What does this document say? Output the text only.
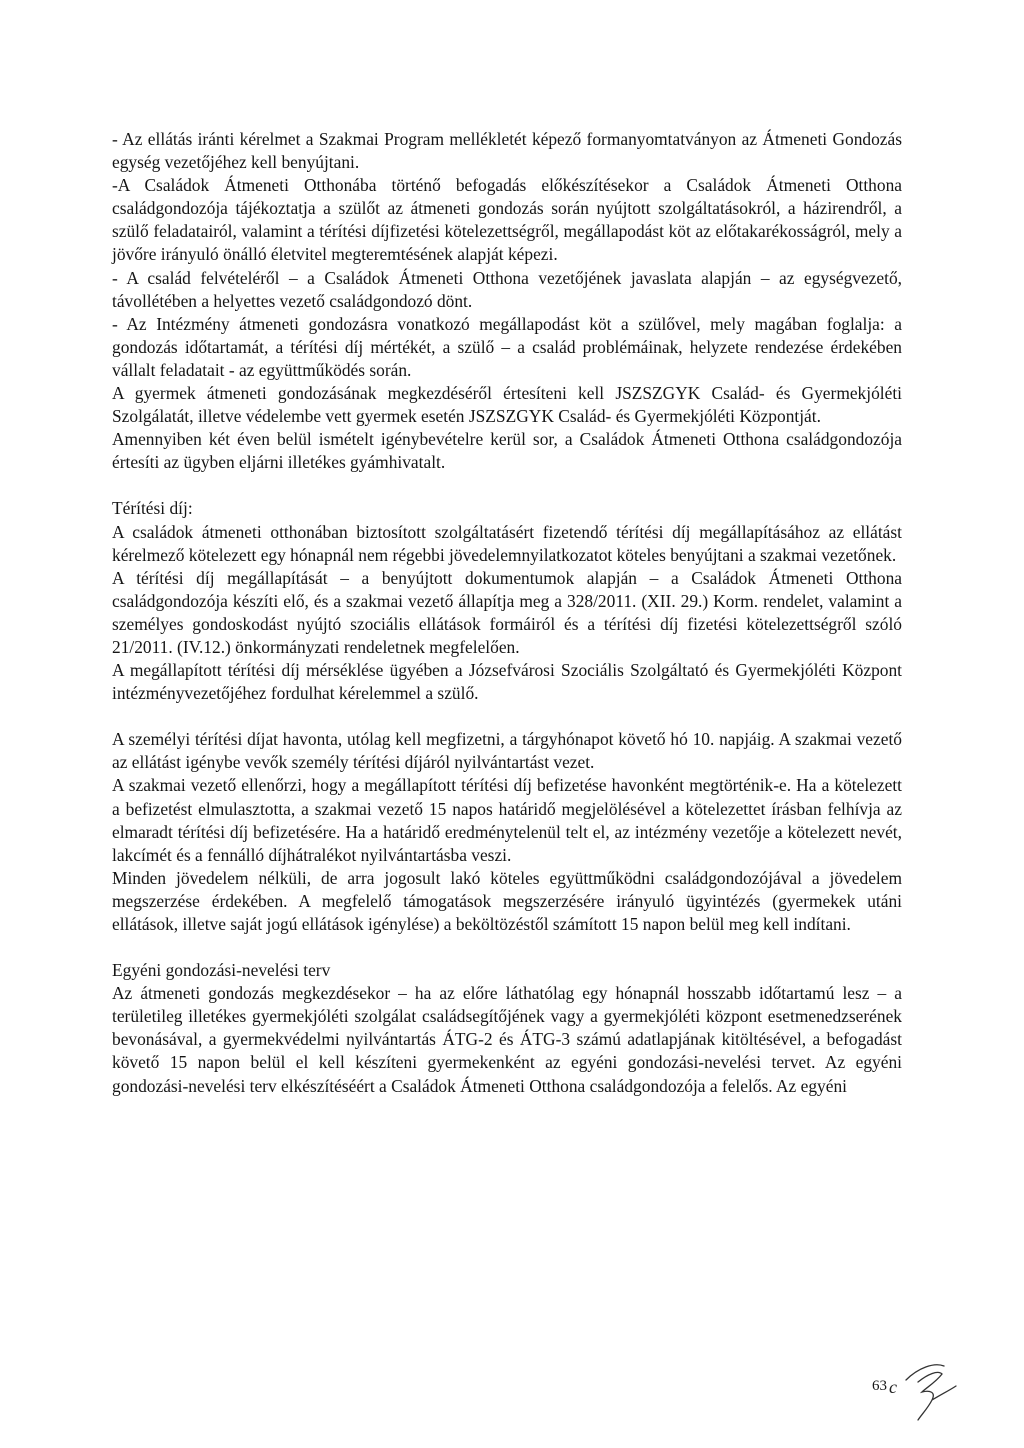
- Az ellátás iránti kérelmet a Szakmai Program mellékletét képező formanyomtatványon az Átmeneti Gondozás egység vezetőjéhez kell benyújtani.

-A Családok Átmeneti Otthonába történő befogadás előkészítésekor a Családok Átmeneti Otthona családgondozója tájékoztatja a szülőt az átmeneti gondozás során nyújtott szolgáltatásokról, a házirendről, a szülő feladatairól, valamint a térítési díjfizetési kötelezettségről, megállapodást köt az előtakarékosságról, mely a jövőre irányuló önálló életvitel megteremtésének alapját képezi.

- A család felvételéről – a Családok Átmeneti Otthona vezetőjének javaslata alapján – az egységvezető, távollétében a helyettes vezető családgondozó dönt.

- Az Intézmény átmeneti gondozásra vonatkozó megállapodást köt a szülővel, mely magában foglalja: a gondozás időtartamát, a térítési díj mértékét, a szülő – a család problémáinak, helyzete rendezése érdekében vállalt feladatait - az együttműködés során.

A gyermek átmeneti gondozásának megkezdéséről értesíteni kell JSZSZGYK Család- és Gyermekjóléti Szolgálatát, illetve védelembe vett gyermek esetén JSZSZGYK Család- és Gyermekjóléti Központját.

Amennyiben két éven belül ismételt igénybevételre kerül sor, a Családok Átmeneti Otthona családgondozója értesíti az ügyben eljárni illetékes gyámhivatalt.

Térítési díj:

A családok átmeneti otthonában biztosított szolgáltatásért fizetendő térítési díj megállapításához az ellátást kérelmező kötelezett egy hónapnál nem régebbi jövedelemnyilatkozatot köteles benyújtani a szakmai vezetőnek.

A térítési díj megállapítását – a benyújtott dokumentumok alapján – a Családok Átmeneti Otthona családgondozója készíti elő, és a szakmai vezető állapítja meg a 328/2011. (XII. 29.) Korm. rendelet, valamint a személyes gondoskodást nyújtó szociális ellátások formáiról és a térítési díj fizetési kötelezettségről szóló 21/2011. (IV.12.) önkormányzati rendeletnek megfelelően.

A megállapított térítési díj mérséklése ügyében a Józsefvárosi Szociális Szolgáltató és Gyermekjóléti Központ intézményvezetőjéhez fordulhat kérelemmel a szülő.

A személyi térítési díjat havonta, utólag kell megfizetni, a tárgyhónapot követő hó 10. napjáig. A szakmai vezető az ellátást igénybe vevők személy térítési díjáról nyilvántartást vezet.

A szakmai vezető ellenőrzi, hogy a megállapított térítési díj befizetése havonként megtörténik-e. Ha a kötelezett a befizetést elmulasztotta, a szakmai vezető 15 napos határidő megjelölésével a kötelezettet írásban felhívja az elmaradt térítési díj befizetésére. Ha a határidő eredménytelenül telt el, az intézmény vezetője a kötelezett nevét, lakcímét és a fennálló díjhátralékot nyilvántartásba veszi.

Minden jövedelem nélküli, de arra jogosult lakó köteles együttműködni családgondozójával a jövedelem megszerzése érdekében. A megfelelő támogatások megszerzésére irányuló ügyintézés (gyermekek utáni ellátások, illetve saját jogú ellátások igénylése) a beköltözéstől számított 15 napon belül meg kell indítani.

Egyéni gondozási-nevelési terv

Az átmeneti gondozás megkezdésekor – ha az előre láthatólag egy hónapnál hosszabb időtartamú lesz – a területileg illetékes gyermekjóléti szolgálat családsegítőjének vagy a gyermekjóléti központ esetmenedzserének bevonásával, a gyermekvédelmi nyilvántartás ÁTG-2 és ÁTG-3 számú adatlapjának kitöltésével, a befogadást követő 15 napon belül el kell készíteni gyermekenként az egyéni gondozási-nevelési tervet. Az egyéni gondozási-nevelési terv elkészítéséért a Családok Átmeneti Otthona családgondozója a felelős. Az egyéni

63 c
